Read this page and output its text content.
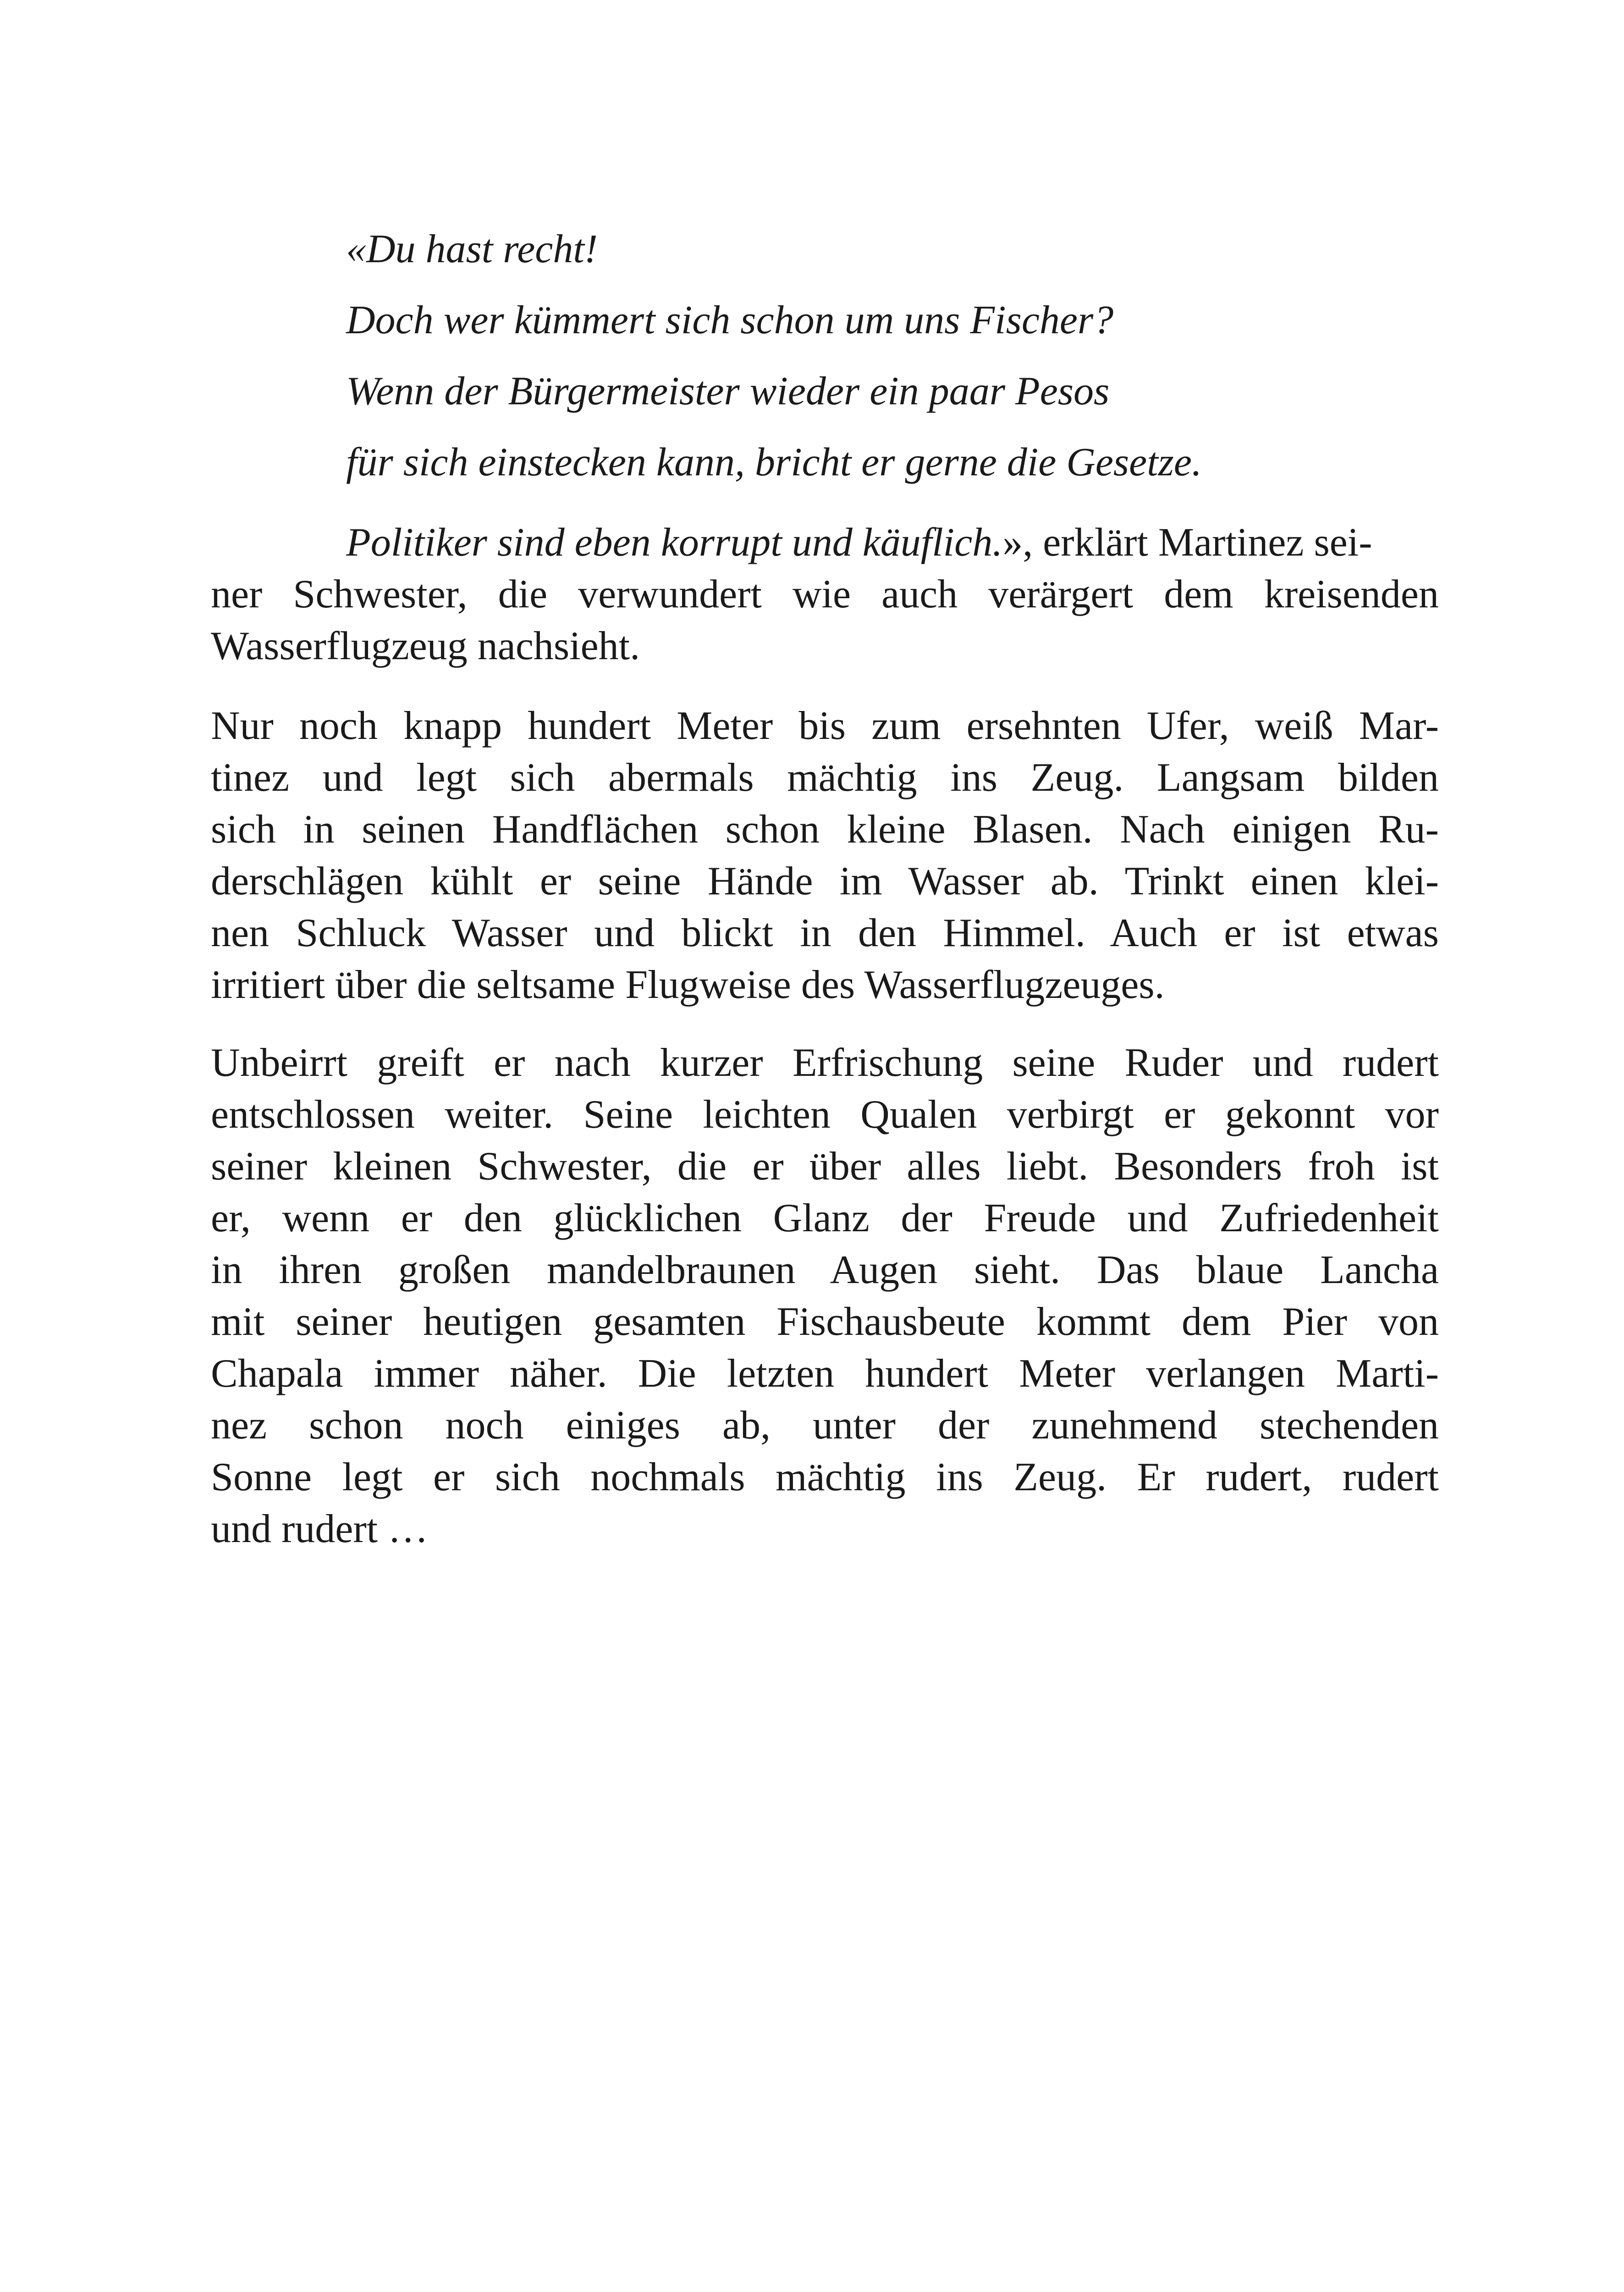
«Du hast recht!
Doch wer kümmert sich schon um uns Fischer?
Wenn der Bürgermeister wieder ein paar Pesos
für sich einstecken kann, bricht er gerne die Gesetze.
Politiker sind eben korrupt und käuflich.», erklärt Martinez sei-
ner Schwester, die verwundert wie auch verärgert dem kreisenden
Wasserflugzeug nachsieht.
Nur noch knapp hundert Meter bis zum ersehnten Ufer, weiß Mar-
tinez und legt sich abermals mächtig ins Zeug. Langsam bilden
sich in seinen Handflächen schon kleine Blasen. Nach einigen Ru-
derschlägen kühlt er seine Hände im Wasser ab. Trinkt einen klei-
nen Schluck Wasser und blickt in den Himmel. Auch er ist etwas
irritiert über die seltsame Flugweise des Wasserflugzeuges.
Unbeirrt greift er nach kurzer Erfrischung seine Ruder und rudert
entschlossen weiter. Seine leichten Qualen verbirgt er gekonnt vor
seiner kleinen Schwester, die er über alles liebt. Besonders froh ist
er, wenn er den glücklichen Glanz der Freude und Zufriedenheit
in ihren großen mandelbraunen Augen sieht. Das blaue Lancha
mit seiner heutigen gesamten Fischausbeute kommt dem Pier von
Chapala immer näher. Die letzten hundert Meter verlangen Marti-
nez schon noch einiges ab, unter der zunehmend stechenden
Sonne legt er sich nochmals mächtig ins Zeug. Er rudert, rudert
und rudert …
